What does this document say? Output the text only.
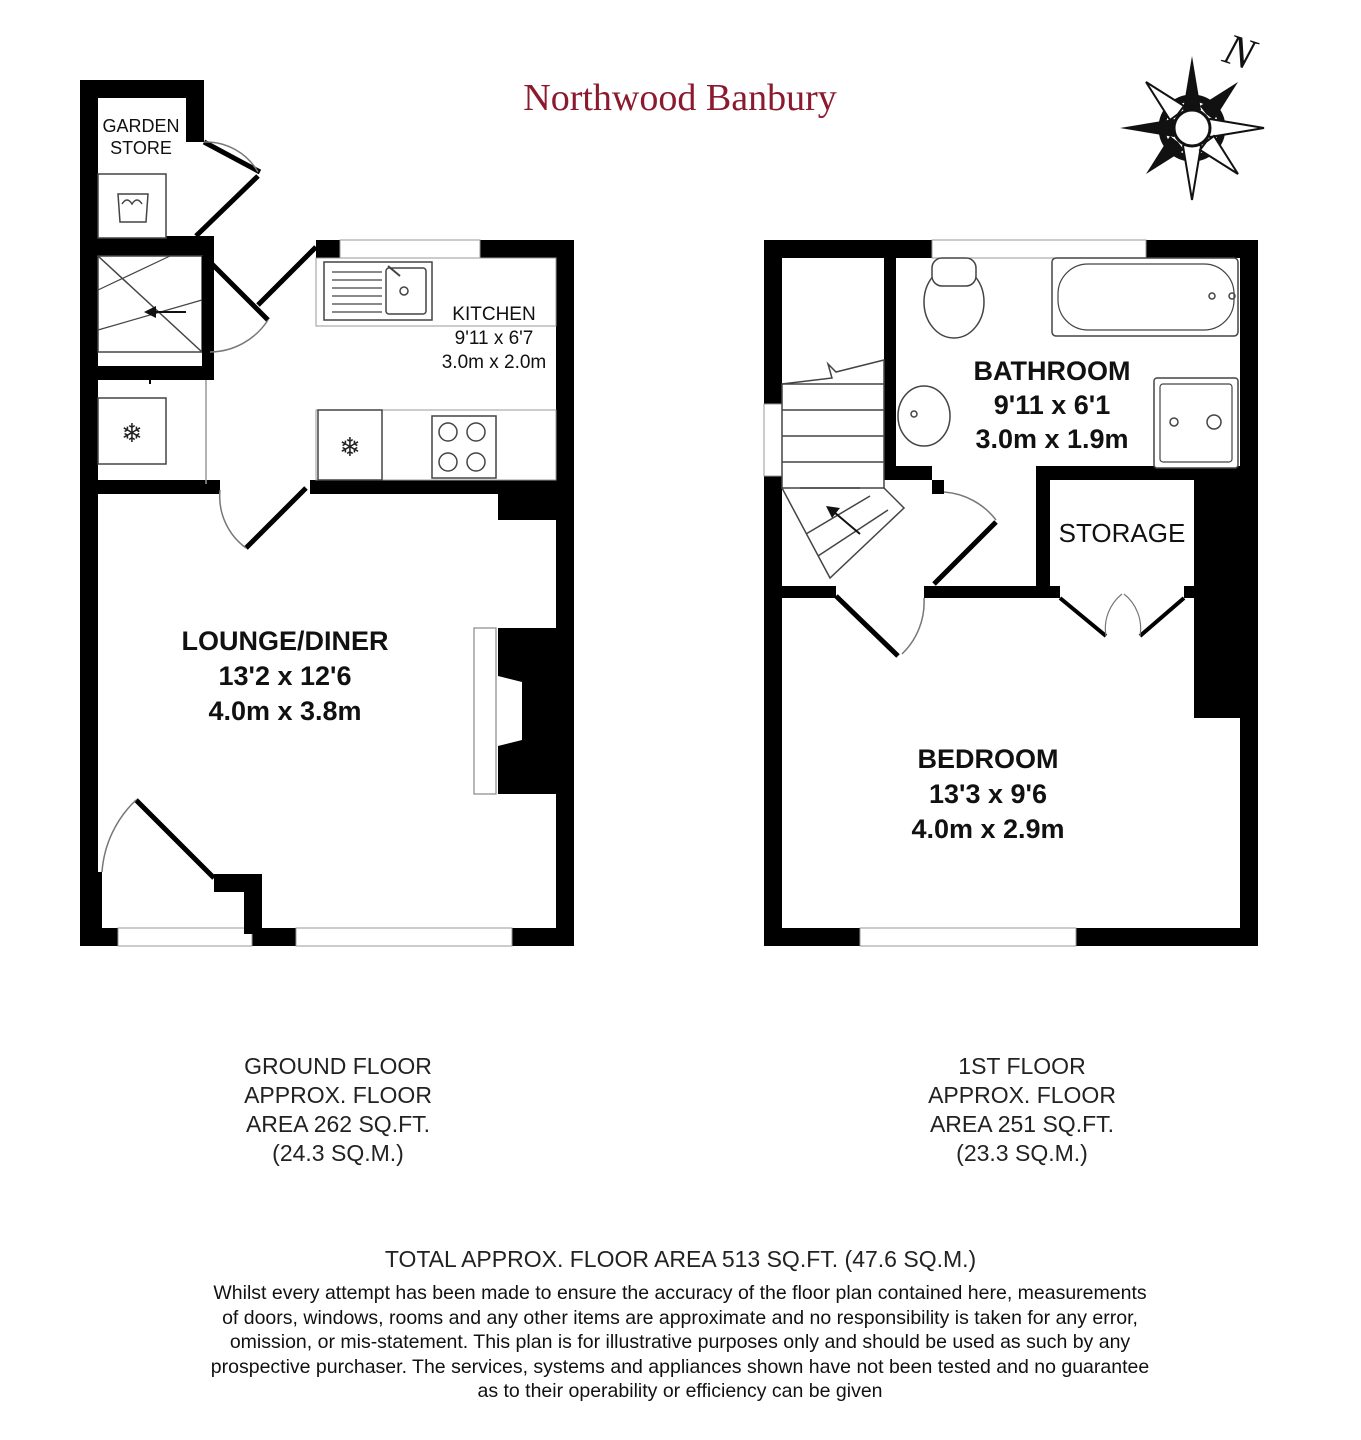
Northwood Banbury
N
❄	❄
GARDEN
STORE
KITCHEN
9'11 x 6'7
3.0m x 2.0m
LOUNGE/DINER
13'2 x 12'6
4.0m x 3.8m
BATHROOM
9'11 x 6'1
3.0m x 1.9m
STORAGE
BEDROOM
13'3 x 9'6
4.0m x 2.9m
GROUND FLOOR
APPROX. FLOOR
AREA 262 SQ.FT.
(24.3 SQ.M.)
1ST FLOOR
APPROX. FLOOR
AREA 251 SQ.FT.
(23.3 SQ.M.)
TOTAL APPROX. FLOOR AREA 513 SQ.FT. (47.6 SQ.M.)
Whilst every attempt has been made to ensure the accuracy of the floor plan contained here, measurements
of doors, windows, rooms and any other items are approximate and no responsibility is taken for any error,
omission, or mis-statement. This plan is for illustrative purposes only and should be used as such by any
prospective purchaser. The services, systems and appliances shown have not been tested and no guarantee
as to their operability or efficiency can be given
